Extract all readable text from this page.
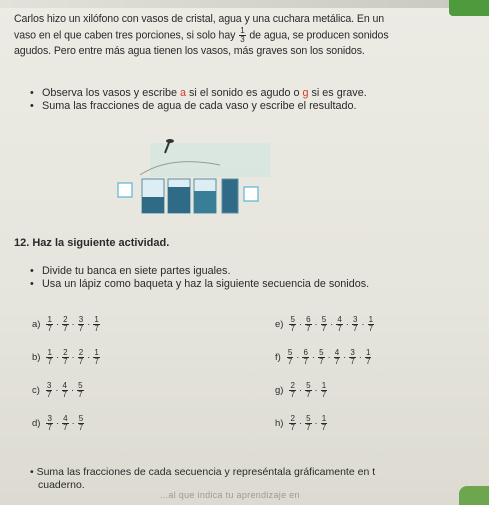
Carlos hizo un xilófono con vasos de cristal, agua y una cuchara metálica. En un
vaso en el que caben tres porciones, si solo hay $\frac{1}{3}$ de agua, se producen sonidos
agudos. Pero entre más agua tienen los vasos, más graves son los sonidos.
• Observa los vasos y escribe a si el sonido es agudo o g si es grave.
• Suma las fracciones de agua de cada vaso y escribe el resultado.
12. Haz la siguiente actividad.
• Divide tu banca en siete partes iguales.
• Usa un lápiz como baqueta y haz la siguiente secuencia de sonidos.
$a) \frac{1}{7} \cdot \frac{2}{7} \cdot \frac{3}{7} \cdot \frac{1}{7}$
$b) \frac{1}{7} \cdot \frac{2}{7} \cdot \frac{2}{7} \cdot \frac{1}{7}$
$c) \frac{3}{7} \cdot \frac{4}{7} \cdot \frac{5}{7}$
$d) \frac{3}{7} \cdot \frac{4}{7} \cdot \frac{5}{7}$
$e) \frac{5}{7} \cdot \frac{6}{7} \cdot \frac{5}{7} \cdot \frac{4}{7} \cdot \frac{3}{7} \cdot \frac{1}{7}$
$f) \frac{5}{7} \cdot \frac{6}{7} \cdot \frac{5}{7} \cdot \frac{4}{7} \cdot \frac{3}{7} \cdot \frac{1}{7}$
$g) \frac{2}{7} \cdot \frac{5}{7} \cdot \frac{1}{7}$
$h) \frac{2}{7} \cdot \frac{5}{7} \cdot \frac{1}{7}$
• Suma las fracciones de cada secuencia y represéntala gráficamente en t
cuaderno.
...al que indica tu aprendizaje en
